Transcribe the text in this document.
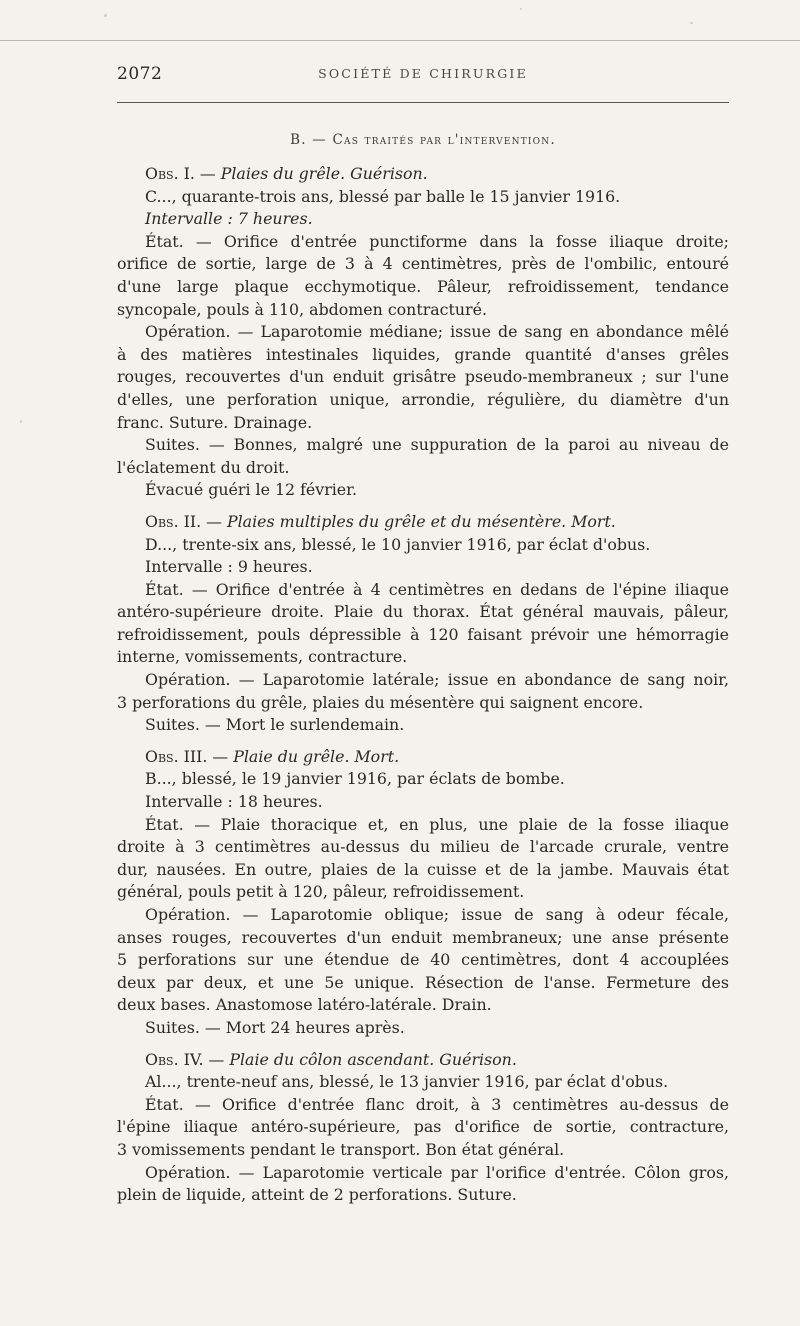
2072	SOCIÉTÉ DE CHIRURGIE
B. — Cas traités par l'intervention.
Obs. I. — Plaies du grêle. Guérison.
C..., quarante-trois ans, blessé par balle le 15 janvier 1916.
Intervalle : 7 heures.
État. — Orifice d'entrée punctiforme dans la fosse iliaque droite;
orifice de sortie, large de 3 à 4 centimètres, près de l'ombilic, entouré
d'une large plaque ecchymotique. Pâleur, refroidissement, tendance
syncopale, pouls à 110, abdomen contracturé.
Opération. — Laparotomie médiane; issue de sang en abondance mêlé
à des matières intestinales liquides, grande quantité d'anses grêles
rouges, recouvertes d'un enduit grisâtre pseudo-membraneux ; sur l'une
d'elles, une perforation unique, arrondie, régulière, du diamètre d'un
franc. Suture. Drainage.
Suites. — Bonnes, malgré une suppuration de la paroi au niveau de
l'éclatement du droit.
Évacué guéri le 12 février.
Obs. II. — Plaies multiples du grêle et du mésentère. Mort.
D..., trente-six ans, blessé, le 10 janvier 1916, par éclat d'obus.
Intervalle : 9 heures.
État. — Orifice d'entrée à 4 centimètres en dedans de l'épine iliaque
antéro-supérieure droite. Plaie du thorax. État général mauvais, pâleur,
refroidissement, pouls dépressible à 120 faisant prévoir une hémorragie
interne, vomissements, contracture.
Opération. — Laparotomie latérale; issue en abondance de sang noir,
3 perforations du grêle, plaies du mésentère qui saignent encore.
Suites. — Mort le surlendemain.
Obs. III. — Plaie du grêle. Mort.
B..., blessé, le 19 janvier 1916, par éclats de bombe.
Intervalle : 18 heures.
État. — Plaie thoracique et, en plus, une plaie de la fosse iliaque
droite à 3 centimètres au-dessus du milieu de l'arcade crurale, ventre
dur, nausées. En outre, plaies de la cuisse et de la jambe. Mauvais état
général, pouls petit à 120, pâleur, refroidissement.
Opération. — Laparotomie oblique; issue de sang à odeur fécale,
anses rouges, recouvertes d'un enduit membraneux; une anse présente
5 perforations sur une étendue de 40 centimètres, dont 4 accouplées
deux par deux, et une 5e unique. Résection de l'anse. Fermeture des
deux bases. Anastomose latéro-latérale. Drain.
Suites. — Mort 24 heures après.
Obs. IV. — Plaie du côlon ascendant. Guérison.
Al..., trente-neuf ans, blessé, le 13 janvier 1916, par éclat d'obus.
État. — Orifice d'entrée flanc droit, à 3 centimètres au-dessus de
l'épine iliaque antéro-supérieure, pas d'orifice de sortie, contracture,
3 vomissements pendant le transport. Bon état général.
Opération. — Laparotomie verticale par l'orifice d'entrée. Côlon gros,
plein de liquide, atteint de 2 perforations. Suture.
